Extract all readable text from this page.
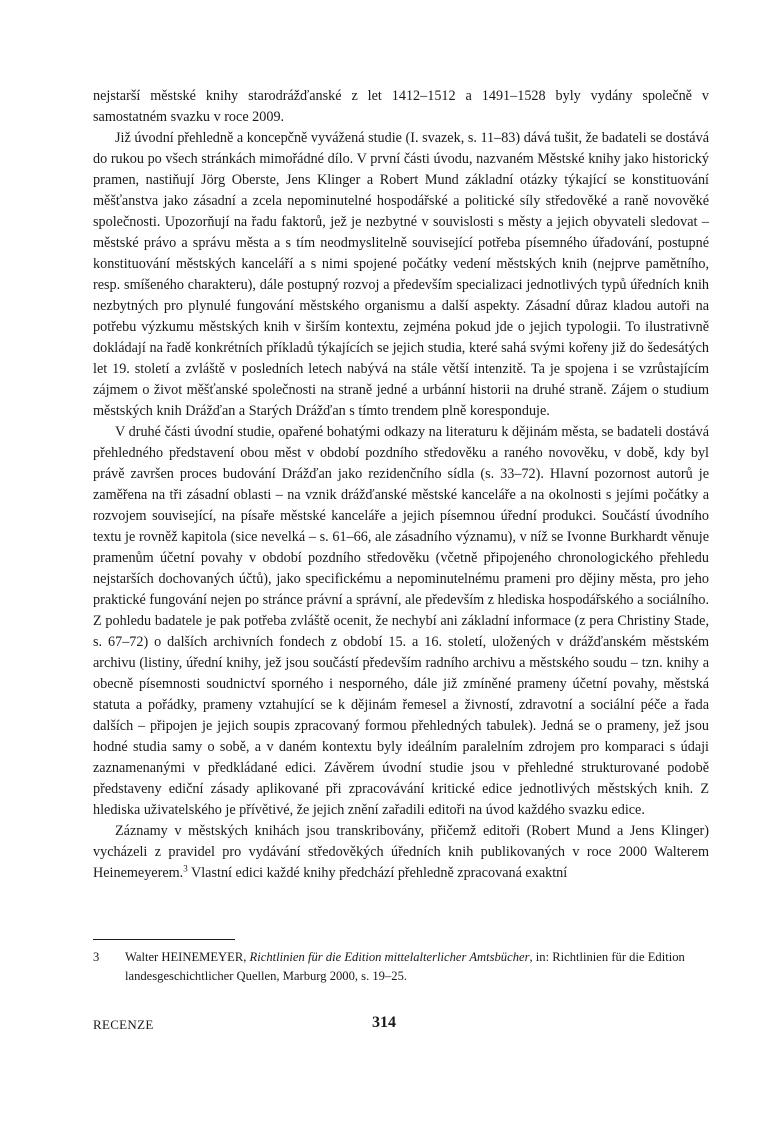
nejstarší městské knihy starodrážďanské z let 1412–1512 a 1491–1528 byly vydány společně v samostatném svazku v roce 2009.

Již úvodní přehledně a koncepčně vyvážená studie (I. svazek, s. 11–83) dává tušit, že badateli se dostává do rukou po všech stránkách mimořádné dílo. V první části úvodu, nazvaném Městské knihy jako historický pramen, nastiňují Jörg Oberste, Jens Klinger a Robert Mund základní otázky týkající se konstituování měšťanstva jako zásadní a zcela nepominutelné hospodářské a politické síly středověké a raně novověké společnosti. Upozorňují na řadu faktorů, jež je nezbytné v souvislosti s městy a jejich obyvateli sledovat – městské právo a správu města a s tím neodmyslitelně související potřeba písemného úřadování, postupné konstituování městských kanceláří a s nimi spojené počátky vedení městských knih (nejprve pamětního, resp. smíšeného charakteru), dále postupný rozvoj a především specializaci jednotlivých typů úředních knih nezbytných pro plynulé fungování městského organismu a další aspekty. Zásadní důraz kladou autoři na potřebu výzkumu městských knih v širším kontextu, zejména pokud jde o jejich typologii. To ilustrativně dokládají na řadě konkrétních příkladů týkajících se jejich studia, které sahá svými kořeny již do šedesátých let 19. století a zvláště v posledních letech nabývá na stále větší intenzitě. Ta je spojena i se vzrůstajícím zájmem o život měšťanské společnosti na straně jedné a urbánní historii na druhé straně. Zájem o studium městských knih Drážďan a Starých Drážďan s tímto trendem plně koresponduje.

V druhé části úvodní studie, opařené bohatými odkazy na literaturu k dějinám města, se badateli dostává přehledného představení obou měst v období pozdního středověku a raného novověku, v době, kdy byl právě završen proces budování Drážďan jako rezidenčního sídla (s. 33–72). Hlavní pozornost autorů je zaměřena na tři zásadní oblasti – na vznik drážďanské městské kanceláře a na okolnosti s jejími počátky a rozvojem související, na písaře městské kanceláře a jejich písemnou úřední produkci. Součástí úvodního textu je rovněž kapitola (sice nevelká – s. 61–66, ale zásadního významu), v níž se Ivonne Burkhardt věnuje pramenům účetní povahy v období pozdního středověku (včetně připojeného chronologického přehledu nejstarších dochovaných účtů), jako specifickému a nepominutelnému prameni pro dějiny města, pro jeho praktické fungování nejen po stránce právní a správní, ale především z hlediska hospodářského a sociálního. Z pohledu badatele je pak potřeba zvláště ocenit, že nechybí ani základní informace (z pera Christiny Stade, s. 67–72) o dalších archivních fondech z období 15. a 16. století, uložených v drážďanském městském archivu (listiny, úřední knihy, jež jsou součástí především radního archivu a městského soudu – tzn. knihy a obecně písemnosti soudnictví sporného i nesporného, dále již zmíněné prameny účetní povahy, městská statuta a pořádky, prameny vztahující se k dějinám řemesel a živností, zdravotní a sociální péče a řada dalších – připojen je jejich soupis zpracovaný formou přehledných tabulek). Jedná se o prameny, jež jsou hodné studia samy o sobě, a v daném kontextu byly ideálním paralelním zdrojem pro komparaci s údaji zaznamenanými v předkládané edici. Závěrem úvodní studie jsou v přehledné strukturované podobě představeny ediční zásady aplikované při zpracovávání kritické edice jednotlivých městských knih. Z hlediska uživatelského je přívětivé, že jejich znění zařadili editoři na úvod každého svazku edice.

Záznamy v městských knihách jsou transkribovány, přičemž editoři (Robert Mund a Jens Klinger) vycházeli z pravidel pro vydávání středověkých úředních knih publikovaných v roce 2000 Walterem Heinemeyerem.$^3$ Vlastní edici každé knihy předchází přehledně zpracovaná exaktní

3 Walter HEINEMEYER, Richtlinien für die Edition mittelalterlicher Amtsbücher, in: Richtlinien für die Edition landesgeschichtlicher Quellen, Marburg 2000, s. 19–25.
RECENZE	314
